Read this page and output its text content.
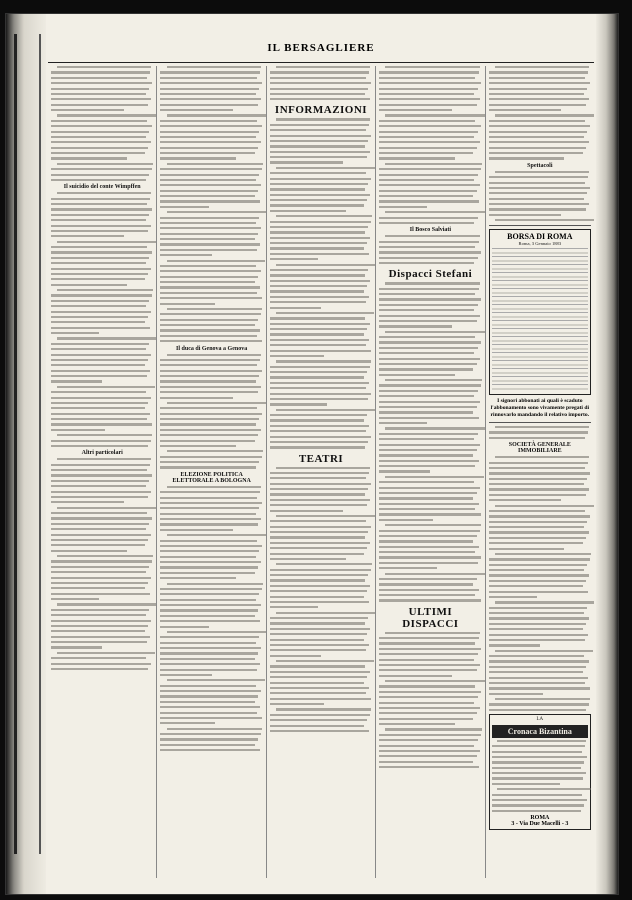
IL BERSAGLIERE
Il suicidio del conte Wimpffen
Altri particolari
Il duca di Genova a Genova
ELEZIONE POLITICA ELETTORALE A BOLOGNA
INFORMAZIONI
TEATRI
Il Bosco Salviati
Dispacci Stefani
ULTIMI DISPACCI
Spettacoli
BORSA DI ROMA
Roma, 3 Gennaio 1883

I signori abbonati ai quali è scaduto l'abbonamento sono vivamente pregati di rinnovarlo mandando il relativo importo.
SOCIETÀ GENERALE IMMOBILIARE
LA
Cronaca Bizantina
ROMA
3 - Via Due Macelli - 3
